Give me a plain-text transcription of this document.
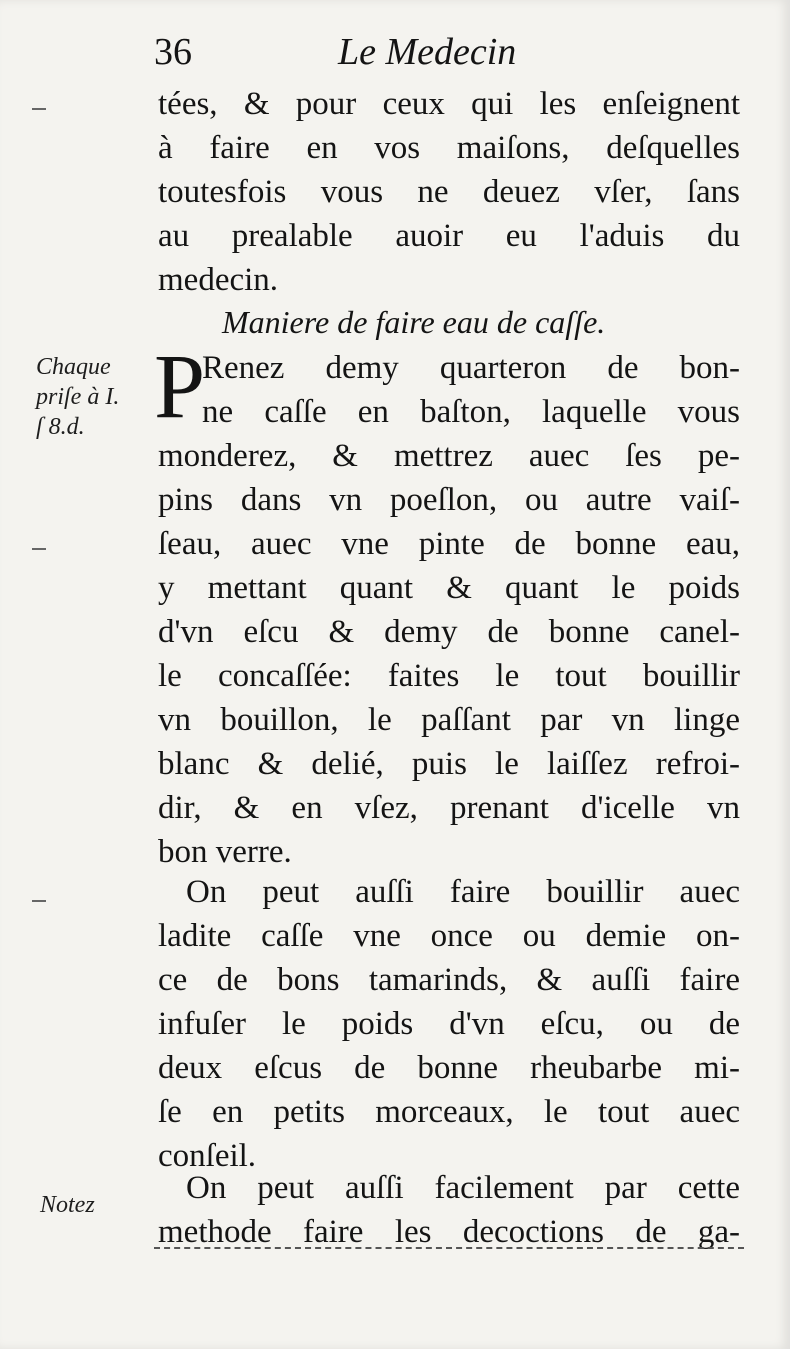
36	Le Medecin
tées, & pour ceux qui les enſeignent
à faire en vos maiſons, deſquelles
toutesfois vous ne deuez vſer, ſans
au prealable auoir eu l'aduis du
medecin.
Maniere de faire eau de caſſe.
P
Renez demy quarteron de bon-
ne caſſe en baſton, laquelle vous
monderez, & mettrez auec ſes pe-
pins dans vn poeſlon, ou autre vaiſ-
ſeau, auec vne pinte de bonne eau,
y mettant quant & quant le poids
d'vn eſcu & demy de bonne canel-
le concaſſée: faites le tout bouillir
vn bouillon, le paſſant par vn linge
blanc & delié, puis le laiſſez refroi-
dir, & en vſez, prenant d'icelle vn
bon verre.
On peut auſſi faire bouillir auec
ladite caſſe vne once ou demie on-
ce de bons tamarinds, & auſſi faire
infuſer le poids d'vn eſcu, ou de
deux eſcus de bonne rheubarbe mi-
ſe en petits morceaux, le tout auec
conſeil.
On peut auſſi facilement par cette
methode faire les decoctions de ga-
Chaque
priſe à I.
ſ 8.d.
Notez
